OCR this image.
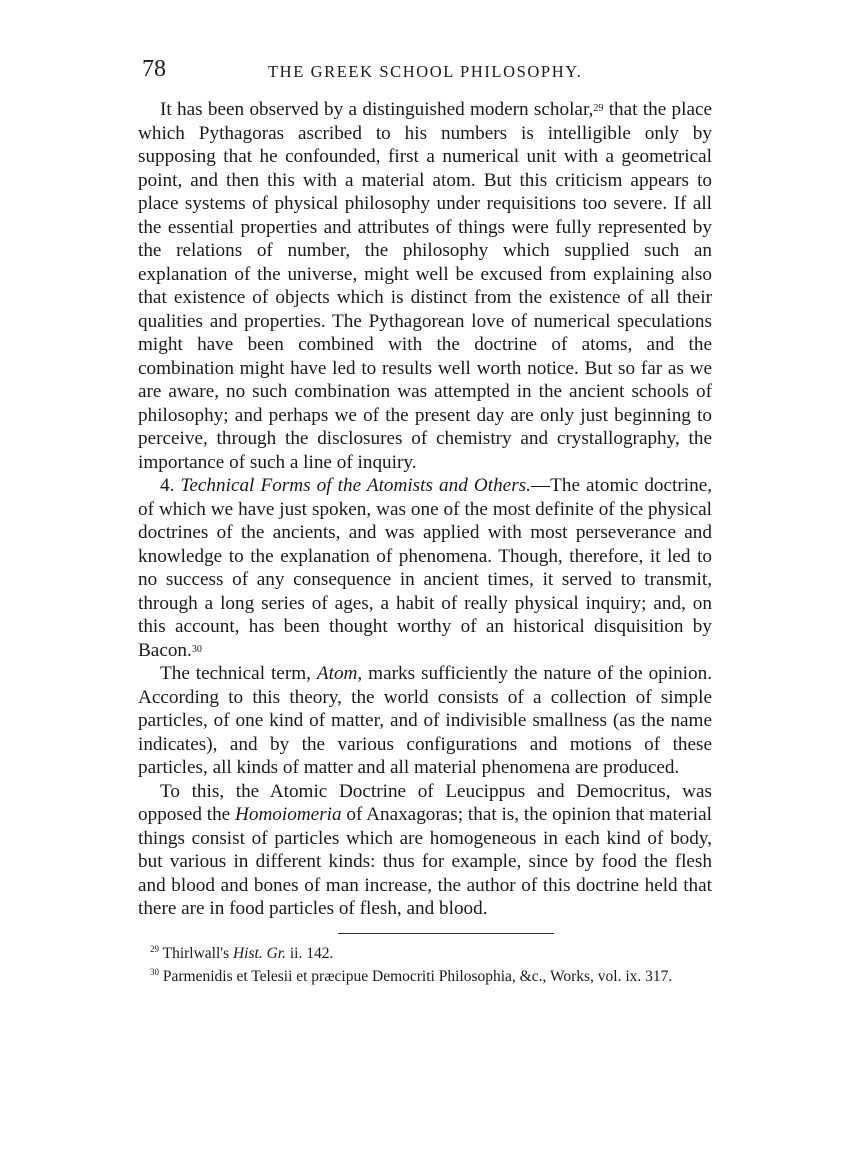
78	THE GREEK SCHOOL PHILOSOPHY.

It has been observed by a distinguished modern scholar,$^{29}$ that the place which Pythagoras ascribed to his numbers is intelligible only by supposing that he confounded, first a numerical unit with a geometrical point, and then this with a material atom. But this criticism appears to place systems of physical philosophy under requisitions too severe. If all the essential properties and attributes of things were fully represented by the relations of number, the philosophy which supplied such an explanation of the universe, might well be excused from explaining also that existence of objects which is distinct from the existence of all their qualities and properties. The Pythagorean love of numerical speculations might have been combined with the doctrine of atoms, and the combination might have led to results well worth notice. But so far as we are aware, no such combination was attempted in the ancient schools of philosophy; and perhaps we of the present day are only just beginning to perceive, through the disclosures of chemistry and crystallography, the importance of such a line of inquiry.

4. Technical Forms of the Atomists and Others.—The atomic doctrine, of which we have just spoken, was one of the most definite of the physical doctrines of the ancients, and was applied with most perseverance and knowledge to the explanation of phenomena. Though, therefore, it led to no success of any consequence in ancient times, it served to transmit, through a long series of ages, a habit of really physical inquiry; and, on this account, has been thought worthy of an historical disquisition by Bacon.$^{30}$

The technical term, Atom, marks sufficiently the nature of the opinion. According to this theory, the world consists of a collection of simple particles, of one kind of matter, and of indivisible smallness (as the name indicates), and by the various configurations and motions of these particles, all kinds of matter and all material phenomena are produced.

To this, the Atomic Doctrine of Leucippus and Democritus, was opposed the Homoiomeria of Anaxagoras; that is, the opinion that material things consist of particles which are homogeneous in each kind of body, but various in different kinds: thus for example, since by food the flesh and blood and bones of man increase, the author of this doctrine held that there are in food particles of flesh, and blood.

$^{29}$ Thirlwall's Hist. Gr. ii. 142.

$^{30}$ Parmenidis et Telesii et præcipue Democriti Philosophia, &c., Works, vol. ix. 317.
